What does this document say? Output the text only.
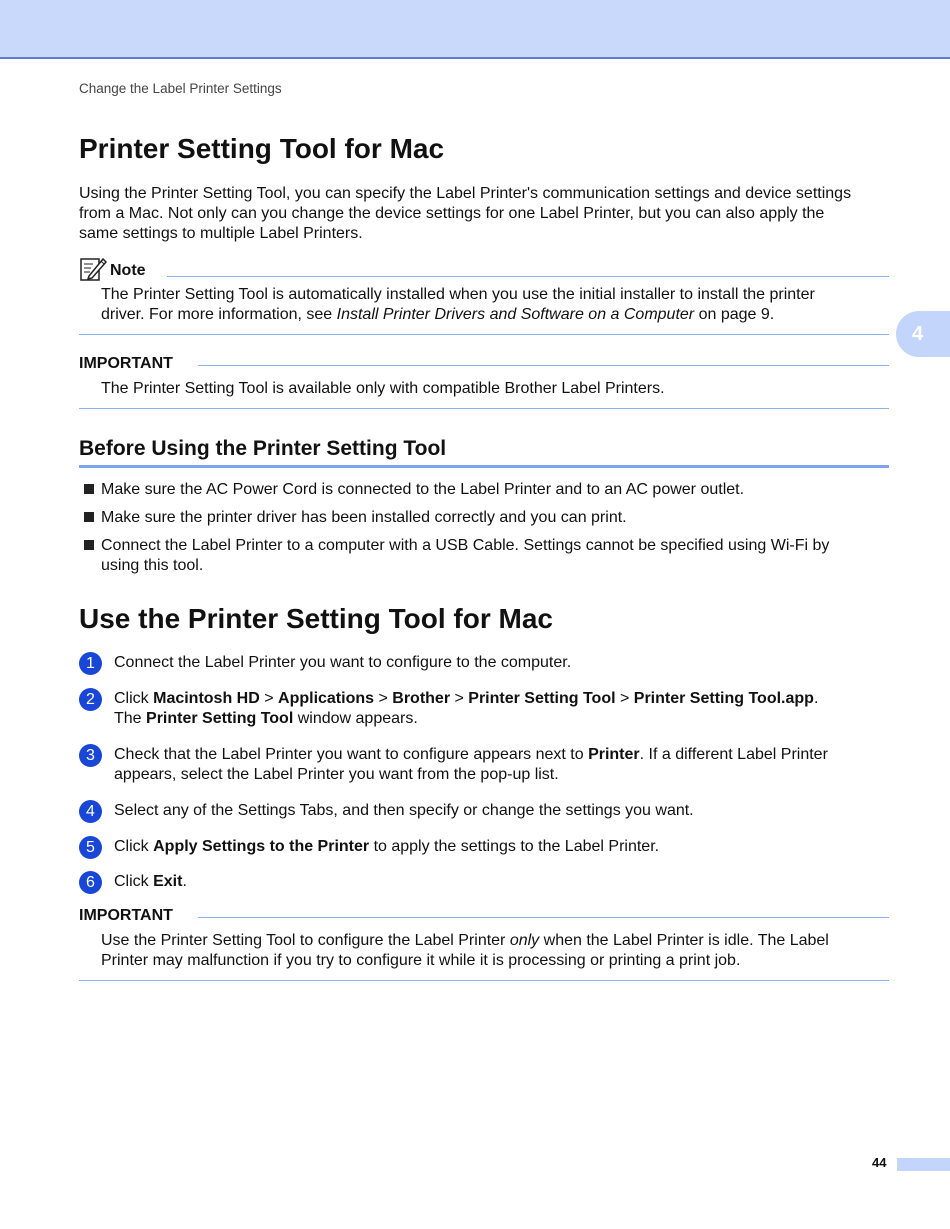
Change the Label Printer Settings
4
Printer Setting Tool for Mac
Using the Printer Setting Tool, you can specify the Label Printer's communication settings and device settings
from a Mac. Not only can you change the device settings for one Label Printer, but you can also apply the
same settings to multiple Label Printers.
Note
The Printer Setting Tool is automatically installed when you use the initial installer to install the printer
driver. For more information, see Install Printer Drivers and Software on a Computer on page 9.
IMPORTANT
The Printer Setting Tool is available only with compatible Brother Label Printers.
Before Using the Printer Setting Tool
Make sure the AC Power Cord is connected to the Label Printer and to an AC power outlet.
Make sure the printer driver has been installed correctly and you can print.
Connect the Label Printer to a computer with a USB Cable. Settings cannot be specified using Wi-Fi by
using this tool.
Use the Printer Setting Tool for Mac
1	Connect the Label Printer you want to configure to the computer.
2	Click Macintosh HD > Applications > Brother > Printer Setting Tool > Printer Setting Tool.app.
The Printer Setting Tool window appears.
3	Check that the Label Printer you want to configure appears next to Printer. If a different Label Printer
appears, select the Label Printer you want from the pop-up list.
4	Select any of the Settings Tabs, and then specify or change the settings you want.
5	Click Apply Settings to the Printer to apply the settings to the Label Printer.
6	Click Exit.
IMPORTANT
Use the Printer Setting Tool to configure the Label Printer only when the Label Printer is idle. The Label
Printer may malfunction if you try to configure it while it is processing or printing a print job.
44
